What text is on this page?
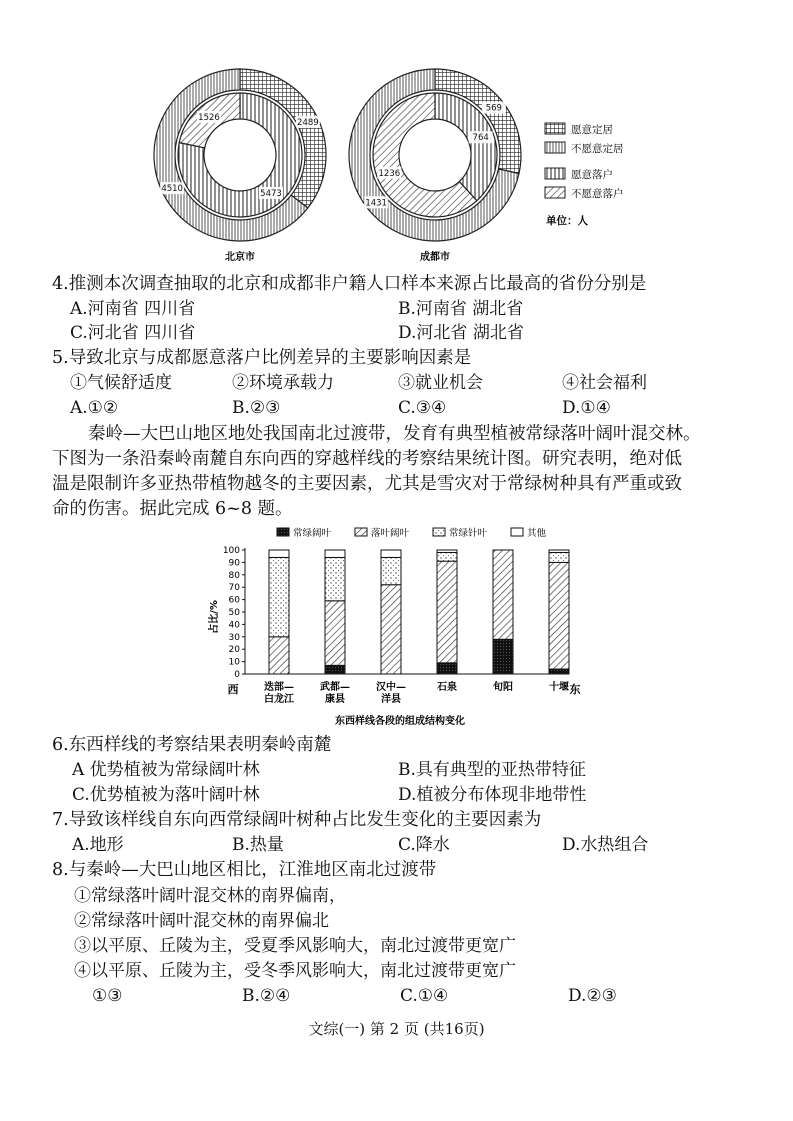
2489
4510	5473
1526
569
1431
764
1236
北京市	成都市
愿意定居
不愿意定居
愿意落户
不愿意落户
单位：人
4.推测本次调查抽取的北京和成都非户籍人口样本来源占比最高的省份分别是
A.河南省 四川省	B.河南省 湖北省
C.河北省 四川省	D.河北省 湖北省
5.导致北京与成都愿意落户比例差异的主要影响因素是
①气候舒适度	②环境承载力	③就业机会	④社会福利
A.①②	B.②③	C.③④	D.①④
秦岭—大巴山地区地处我国南北过渡带，发育有典型植被常绿落叶阔叶混交林。
下图为一条沿秦岭南麓自东向西的穿越样线的考察结果统计图。研究表明，绝对低
温是限制许多亚热带植物越冬的主要因素，尤其是雪灾对于常绿树种具有严重或致
命的伤害。据此完成 6~8 题。
常绿阔叶	落叶阔叶	常绿针叶	其他
0
10
20
30
40
50
60
70
80
90
100
迭部—
白龙江
武都—
康县
汉中—
洋县
石泉	旬阳	十堰
占比/%
西	东
东西样线各段的组成结构变化
6.东西样线的考察结果表明秦岭南麓
A 优势植被为常绿阔叶林	B.具有典型的亚热带特征
C.优势植被为落叶阔叶林	D.植被分布体现非地带性
7.导致该样线自东向西常绿阔叶树种占比发生变化的主要因素为
A.地形	B.热量	C.降水	D.水热组合
8.与秦岭—大巴山地区相比，江淮地区南北过渡带
①常绿落叶阔叶混交林的南界偏南，
②常绿落叶阔叶混交林的南界偏北
③以平原、丘陵为主，受夏季风影响大，南北过渡带更宽广
④以平原、丘陵为主，受冬季风影响大，南北过渡带更宽广
①③	B.②④	C.①④	D.②③
文综(一) 第 2 页 (共16页)
